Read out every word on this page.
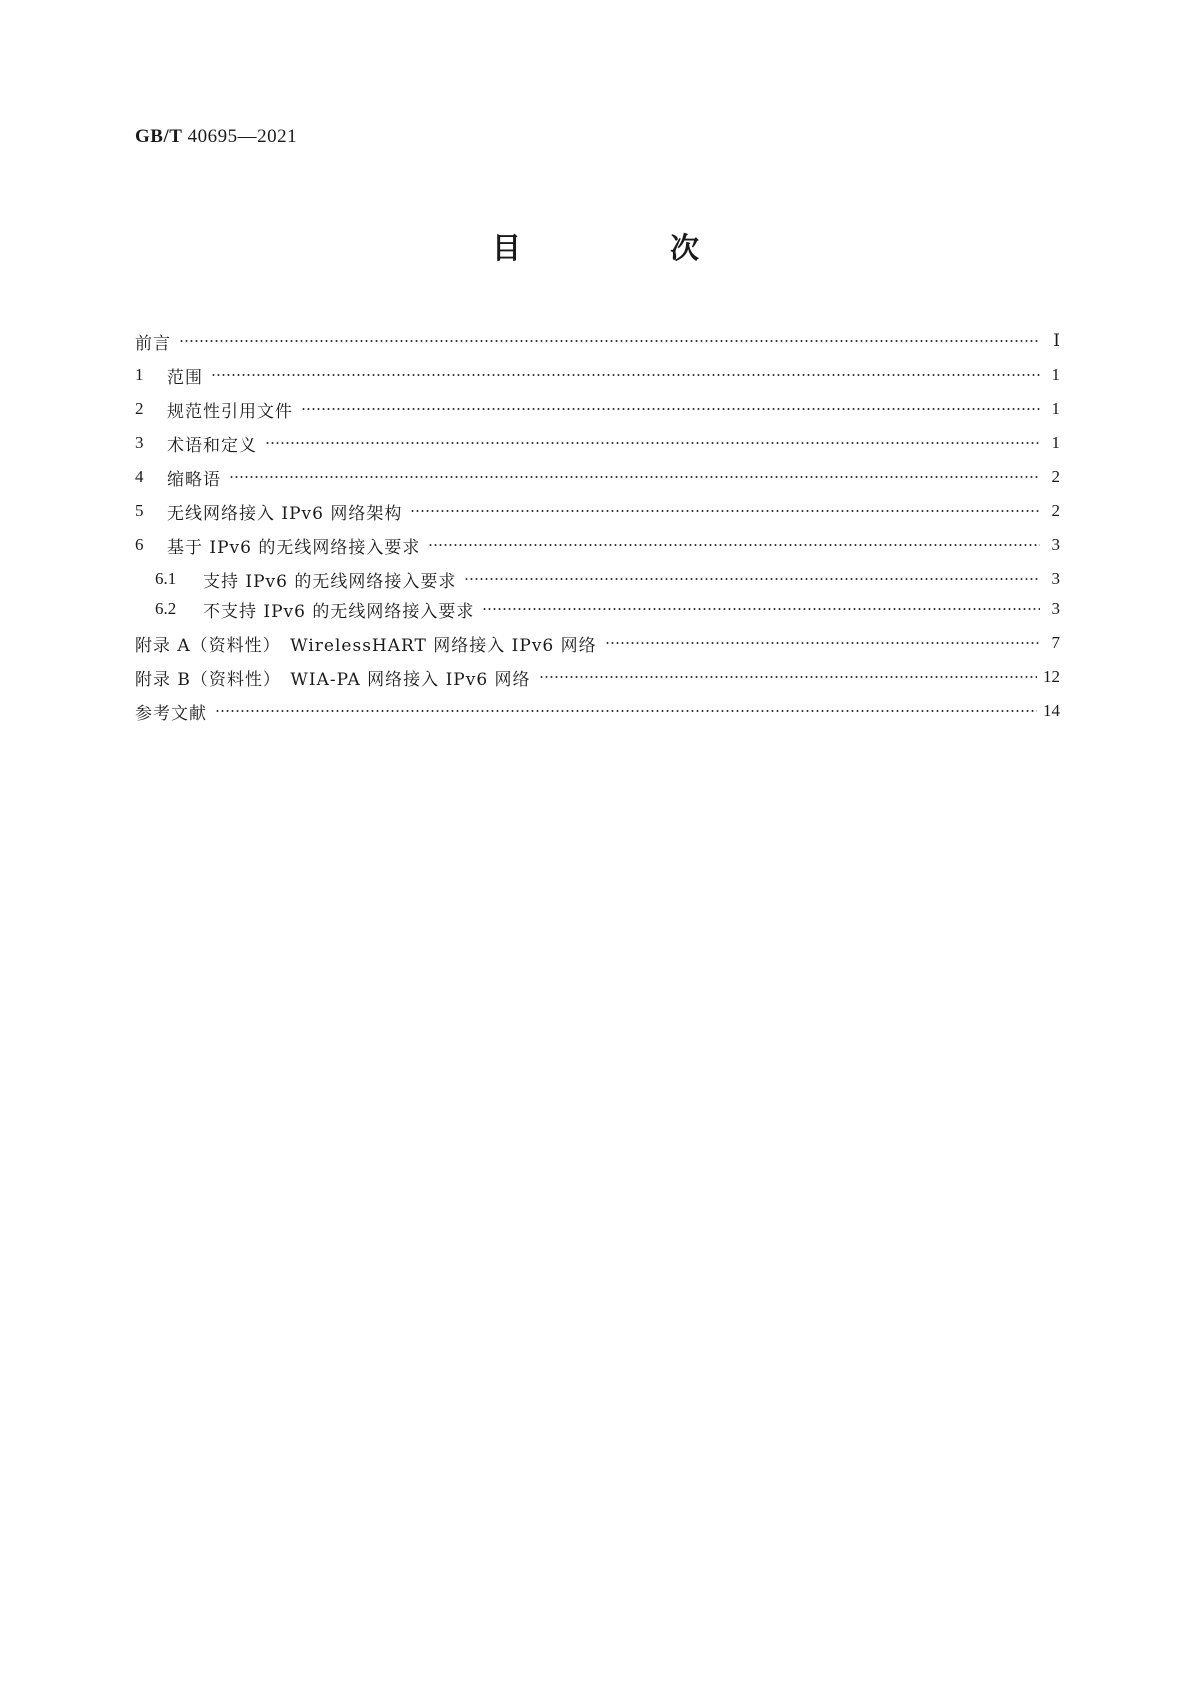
GB/T 40695—2021
目　次
前言	Ⅰ
1	范围	1
2	规范性引用文件	1
3	术语和定义	1
4	缩略语	2
5	无线网络接入 IPv6 网络架构	2
6	基于 IPv6 的无线网络接入要求	3
6.1	支持 IPv6 的无线网络接入要求	3
6.2	不支持 IPv6 的无线网络接入要求	3
附录 A（资料性）　WirelessHART 网络接入 IPv6 网络	7
附录 B（资料性）　WIA-PA 网络接入 IPv6 网络	12
参考文献	14
